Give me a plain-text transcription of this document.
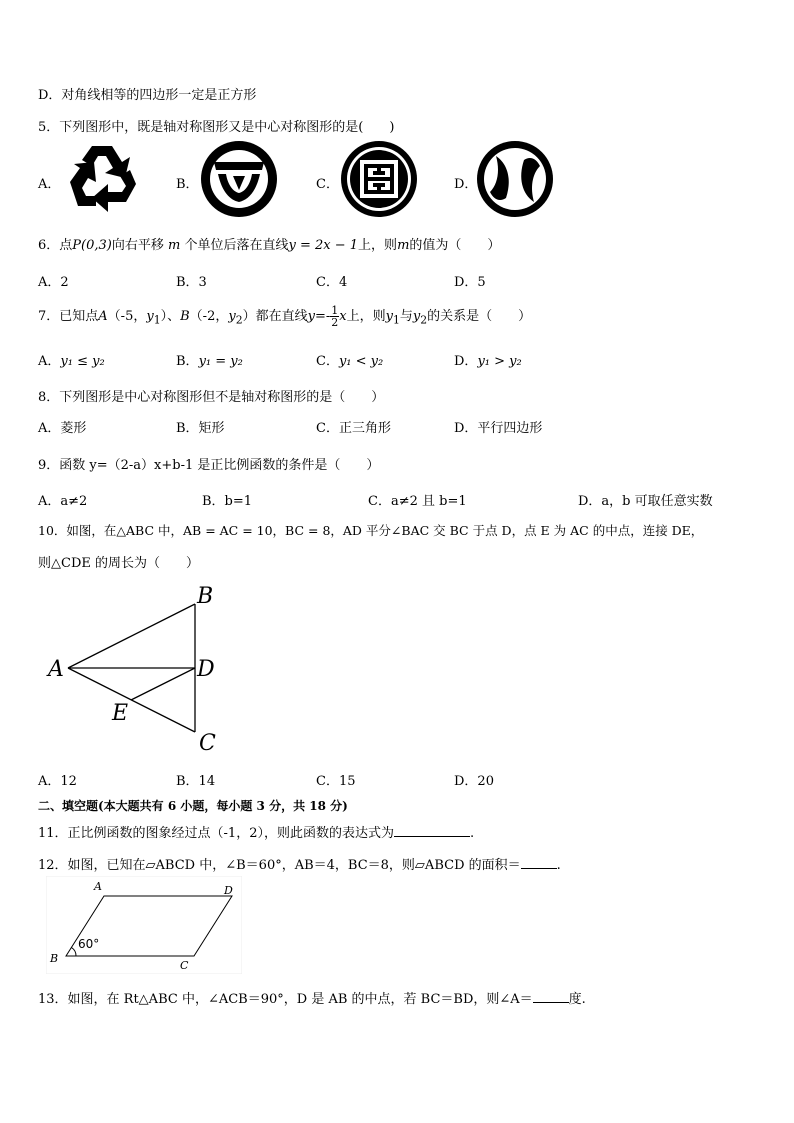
D．对角线相等的四边形一定是正方形
5．下列图形中，既是轴对称图形又是中心对称图形的是(　　)
A．	B．	C．	D．
6．点P(0,3)向右平移 m 个单位后落在直线y = 2x − 1上，则m的值为（　　）
A．2	B．3	C．4	D．5
7．已知点A（-5，$y_1$）、B（-2，$y_2$）都在直线$y=- \frac{1}{2}$ x上，则$y_1$与$y_2$的关系是（　　）
A．y₁ ≤ y₂	B．y₁ = y₂	C．y₁ < y₂	D．y₁ > y₂
8．下列图形是中心对称图形但不是轴对称图形的是（　　）
A．菱形	B．矩形	C．正三角形	D．平行四边形
9．函数 y=（2-a）x+b-1 是正比例函数的条件是（　　）
A．a≠2	B．b=1	C．a≠2 且 b=1	D．a，b 可取任意实数
10．如图，在△ABC 中，AB = AC = 10，BC = 8，AD 平分∠BAC 交 BC 于点 D，点 E 为 AC 的中点，连接 DE，
则△CDE 的周长为（　　）
A
B
C
D
E
A．12	B．14	C．15	D．20
二、填空题(本大题共有 6 小题，每小题 3 分，共 18 分)
11．正比例函数的图象经过点（-1，2），则此函数的表达式为	.
12．如图，已知在▱ABCD 中，∠B＝60°，AB＝4，BC＝8，则▱ABCD 的面积＝	.
A
B
C
D
60°
13．如图，在 Rt△ABC 中，∠ACB＝90°，D 是 AB 的中点，若 BC＝BD，则∠A＝	度.
